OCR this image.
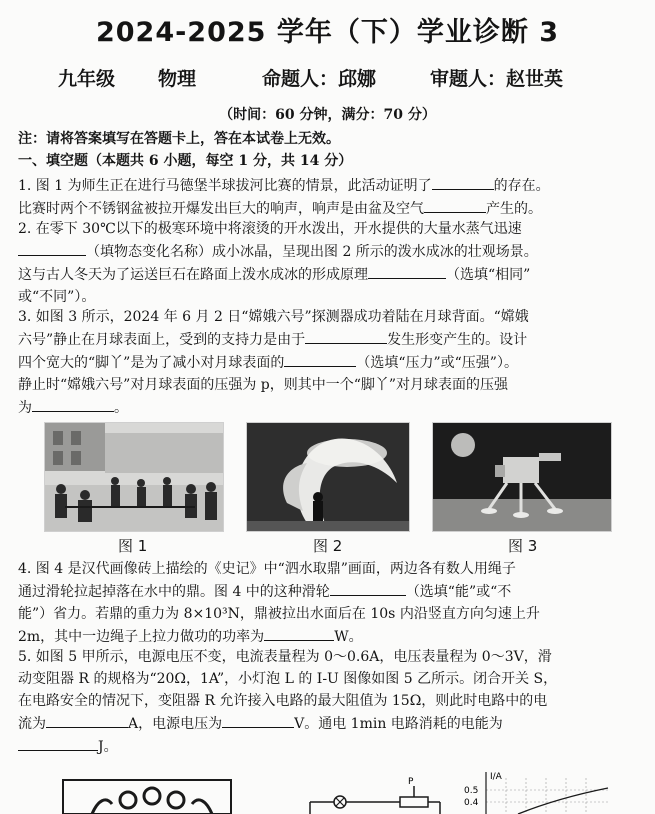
2024-2025 学年（下）学业诊断 3
九年级 物理	命题人：邱娜	审题人：赵世英
（时间：60 分钟，满分：70 分）
注：请将答案填写在答题卡上，答在本试卷上无效。
一、填空题（本题共 6 小题，每空 1 分，共 14 分）
1. 图 1 为师生正在进行马德堡半球拔河比赛的情景，此活动证明了	的存在。
比赛时两个不锈钢盆被拉开爆发出巨大的响声，响声是由盆及空气	产生的。
2. 在零下 30℃以下的极寒环境中将滚烫的开水泼出，开水提供的大量水蒸气迅速
（填物态变化名称）成小冰晶，呈现出图 2 所示的泼水成冰的壮观场景。
这与古人冬天为了运送巨石在路面上泼水成冰的形成原理	（选填“相同”
或“不同”）。
3. 如图 3 所示，2024 年 6 月 2 日“嫦娥六号”探测器成功着陆在月球背面。“嫦娥
六号”静止在月球表面上，受到的支持力是由于	发生形变产生的。设计
四个宽大的“脚丫”是为了减小对月球表面的	（选填“压力”或“压强”）。
静止时“嫦娥六号”对月球表面的压强为 p，则其中一个“脚丫”对月球表面的压强
为	。
图 1	图 2	图 3
4. 图 4 是汉代画像砖上描绘的《史记》中“泗水取鼎”画面，两边各有数人用绳子
通过滑轮拉起掉落在水中的鼎。图 4 中的这种滑轮	（选填“能”或“不
能”）省力。若鼎的重力为 8×10³N，鼎被拉出水面后在 10s 内沿竖直方向匀速上升
2m，其中一边绳子上拉力做功的功率为	W。
5. 如图 5 甲所示，电源电压不变，电流表量程为 0～0.6A，电压表量程为 0～3V，滑
动变阻器 R 的规格为“20Ω，1A”，小灯泡 L 的 I-U 图像如图 5 乙所示。闭合开关 S，
在电路安全的情况下，变阻器 R 允许接入电路的最大阻值为 15Ω，则此时电路中的电
流为	A，电源电压为	V。通电 1min 电路消耗的电能为
J。
P	I/A
0.5
0.4
